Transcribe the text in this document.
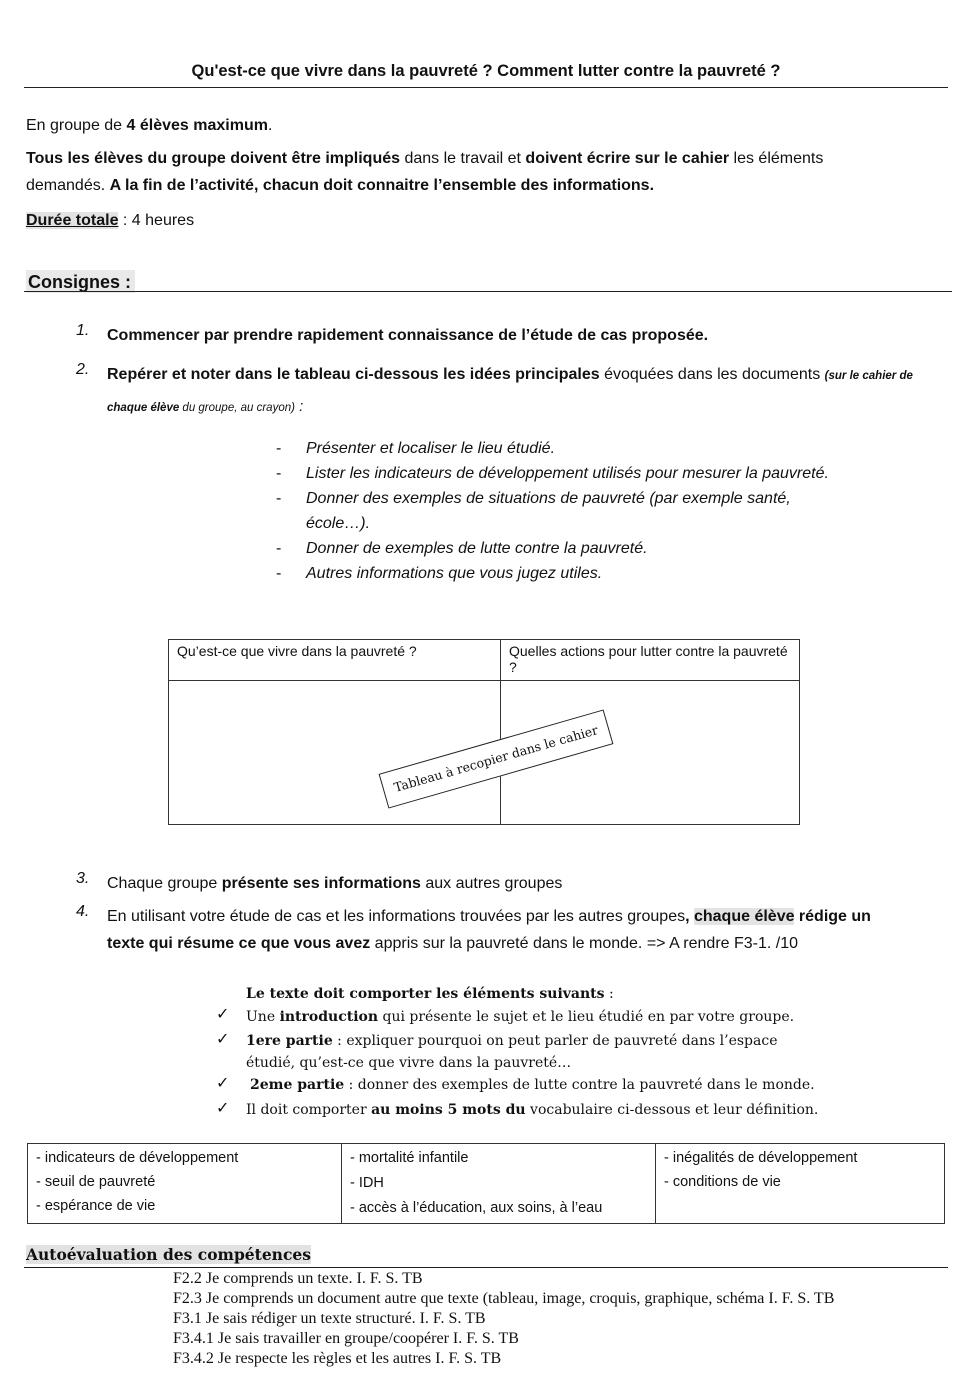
Qu'est-ce que vivre dans la pauvreté ? Comment lutter contre la pauvreté ?
En groupe de 4 élèves maximum.
Tous les élèves du groupe doivent être impliqués dans le travail et doivent écrire sur le cahier les éléments
demandés. A la fin de l’activité, chacun doit connaitre l’ensemble des informations.
Durée totale : 4 heures
Consignes :
1. Commencer par prendre rapidement connaissance de l’étude de cas proposée.
2. Repérer et noter dans le tableau ci-dessous les idées principales évoquées dans les documents (sur le cahier de
chaque élève du groupe, au crayon) :
-	Présenter et localiser le lieu étudié.
-	Lister les indicateurs de développement utilisés pour mesurer la pauvreté.
-	Donner des exemples de situations de pauvreté (par exemple santé, école…).
-	Donner de exemples de lutte contre la pauvreté.
-	Autres informations que vous jugez utiles.
Qu’est-ce que vivre dans la pauvreté ?	Quelles actions pour lutter contre la pauvreté ?

Tableau à recopier dans le cahier
3. Chaque groupe présente ses informations aux autres groupes
4. En utilisant votre étude de cas et les informations trouvées par les autres groupes, chaque élève rédige un
texte qui résume ce que vous avez appris sur la pauvreté dans le monde. => A rendre F3-1. /10
Le texte doit comporter les éléments suivants :
✓ Une introduction qui présente le sujet et le lieu étudié en par votre groupe.
✓ 1ere partie : expliquer pourquoi on peut parler de pauvreté dans l’espace étudié, qu’est-ce que vivre dans la pauvreté…
✓ 2eme partie : donner des exemples de lutte contre la pauvreté dans le monde.
✓ Il doit comporter au moins 5 mots du vocabulaire ci-dessous et leur définition.
- indicateurs de développement
- seuil de pauvreté
- espérance de vie

- mortalité infantile
- IDH
- accès à l’éducation, aux soins, à l’eau

- inégalités de développement
- conditions de vie
Autoévaluation des compétences
F2.2 Je comprends un texte. I. F. S. TB
F2.3 Je comprends un document autre que texte (tableau, image, croquis, graphique, schéma I. F. S. TB
F3.1 Je sais rédiger un texte structuré. I. F. S. TB
F3.4.1 Je sais travailler en groupe/coopérer I. F. S. TB
F3.4.2 Je respecte les règles et les autres I. F. S. TB
